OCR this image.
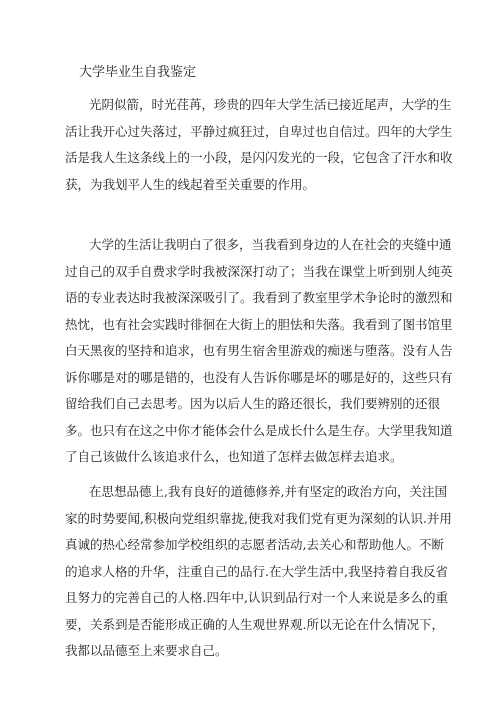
大学毕业生自我鉴定
光阴似箭，时光荏苒，珍贵的四年大学生活已接近尾声，大学的生
活让我开心过失落过，平静过疯狂过，自卑过也自信过。四年的大学生
活是我人生这条线上的一小段，是闪闪发光的一段，它包含了汗水和收
获，为我划平人生的线起着至关重要的作用。
大学的生活让我明白了很多，当我看到身边的人在社会的夹缝中通
过自己的双手自费求学时我被深深打动了；当我在课堂上听到别人纯英
语的专业表达时我被深深吸引了。我看到了教室里学术争论时的激烈和
热忱，也有社会实践时徘徊在大街上的胆怯和失落。我看到了图书馆里
白天黑夜的坚持和追求，也有男生宿舍里游戏的痴迷与堕落。没有人告
诉你哪是对的哪是错的，也没有人告诉你哪是坏的哪是好的，这些只有
留给我们自己去思考。因为以后人生的路还很长，我们要辨别的还很
多。也只有在这之中你才能体会什么是成长什么是生存。大学里我知道
了自己该做什么该追求什么，也知道了怎样去做怎样去追求。
在思想品德上,我有良好的道德修养,并有坚定的政治方向，关注国
家的时势要闻,积极向党组织靠拢,使我对我们党有更为深刻的认识.并用
真诚的热心经常参加学校组织的志愿者活动,去关心和帮助他人。不断
的追求人格的升华，注重自己的品行.在大学生活中,我坚持着自我反省
且努力的完善自己的人格.四年中,认识到品行对一个人来说是多么的重
要，关系到是否能形成正确的人生观世界观.所以无论在什么情况下，
我都以品德至上来要求自己。
